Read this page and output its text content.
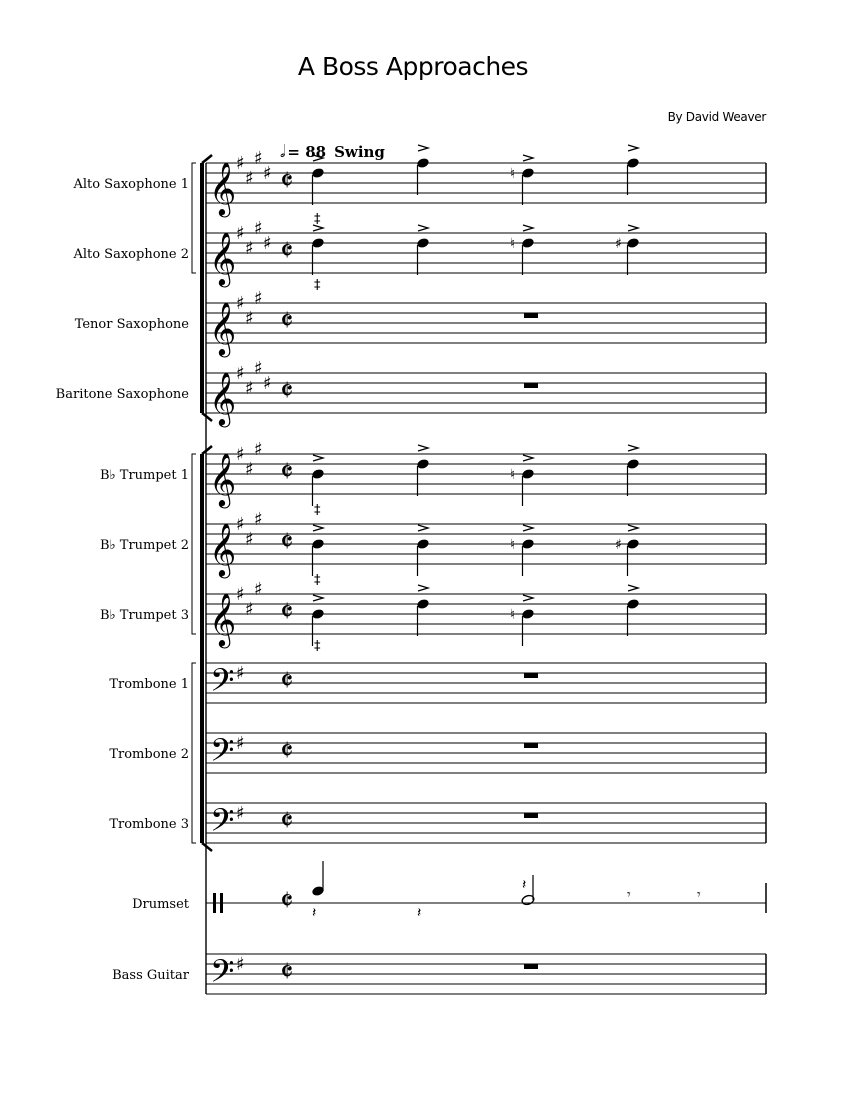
A Boss Approaches
By David Weaver
𝅗𝅥 = 88 Swing
Alto Saxophone 1 𝄞 ♯
♯
♯
♯ 𝄵
Alto Saxophone 2 𝄞 ♯
♯
♯
♯ 𝄵
Tenor Saxophone 𝄞 ♯
♯
♯
𝄵
Baritone Saxophone 𝄞 ♯
♯
♯
♯ 𝄵
B♭ Trumpet 1 𝄞 ♯
♯
♯
𝄵
B♭ Trumpet 2 𝄞 ♯
♯
♯
𝄵
B♭ Trumpet 3 𝄞 ♯
♯
♯
𝄵
Trombone 1 𝄢 ♯ 𝄵
Trombone 2 𝄢 ♯ 𝄵
Trombone 3 𝄢 ♯ 𝄵
Drumset	𝄵
Bass Guitar 𝄢 ♯ 𝄵
♮
♮	♯
‡
‡
♮
♮	♯
‡
♮
‡
‡
𝄽	𝄽
𝄽
𝄾	𝄾
